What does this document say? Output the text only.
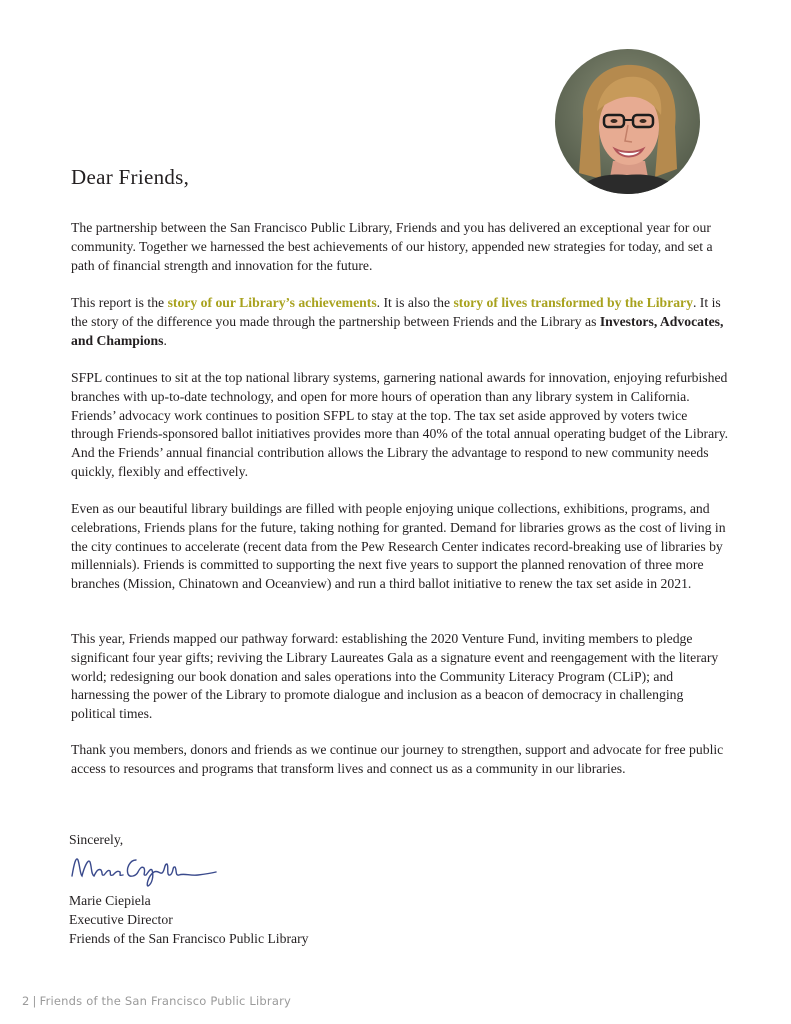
Dear Friends,

The partnership between the San Francisco Public Library, Friends and you has delivered an exceptional year for our community. Together we harnessed the best achievements of our history, appended new strategies for today, and set a path of financial strength and innovation for the future.

This report is the story of our Library’s achievements. It is also the story of lives transformed by the Library. It is the story of the difference you made through the partnership between Friends and the Library as Investors, Advocates, and Champions.

SFPL continues to sit at the top national library systems, garnering national awards for innovation, enjoying refurbished branches with up-to-date technology, and open for more hours of operation than any library system in California. Friends’ advocacy work continues to position SFPL to stay at the top. The tax set aside approved by voters twice through Friends-sponsored ballot initiatives provides more than 40% of the total annual operating budget of the Library. And the Friends’ annual financial contribution allows the Library the advantage to respond to new community needs quickly, flexibly and effectively.

Even as our beautiful library buildings are filled with people enjoying unique collections, exhibitions, programs, and celebrations, Friends plans for the future, taking nothing for granted. Demand for libraries grows as the cost of living in the city continues to accelerate (recent data from the Pew Research Center indicates record-breaking use of libraries by millennials). Friends is committed to supporting the next five years to support the planned renovation of three more branches (Mission, Chinatown and Oceanview) and run a third ballot initiative to renew the tax set aside in 2021.

This year, Friends mapped our pathway forward: establishing the 2020 Venture Fund, inviting members to pledge significant four year gifts; reviving the Library Laureates Gala as a signature event and reengagement with the literary world; redesigning our book donation and sales operations into the Community Literacy Program (CLiP); and harnessing the power of the Library to promote dialogue and inclusion as a beacon of democracy in challenging political times.

Thank you members, donors and friends as we continue our journey to strengthen, support and advocate for free public access to resources and programs that transform lives and connect us as a community in our libraries.

Sincerely,

Marie Ciepiela
Executive Director
Friends of the San Francisco Public Library
2 | Friends of the San Francisco Public Library
